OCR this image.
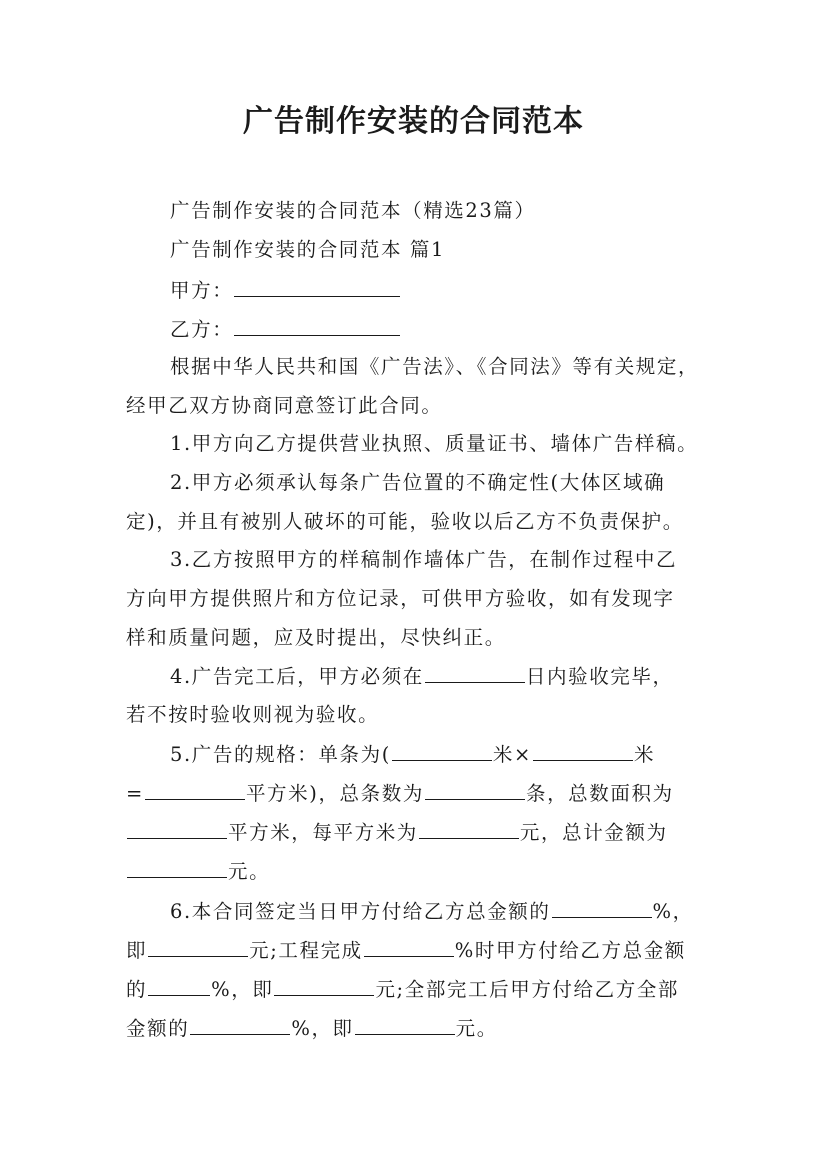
广告制作安装的合同范本

广告制作安装的合同范本（精选23篇）

广告制作安装的合同范本 篇1

甲方：

乙方：

根据中华人民共和国《广告法》、《合同法》等有关规定，

经甲乙双方协商同意签订此合同。

1.甲方向乙方提供营业执照、质量证书、墙体广告样稿。

2.甲方必须承认每条广告位置的不确定性(大体区域确

定)，并且有被别人破坏的可能，验收以后乙方不负责保护。

3.乙方按照甲方的样稿制作墙体广告，在制作过程中乙

方向甲方提供照片和方位记录，可供甲方验收，如有发现字

样和质量问题，应及时提出，尽快纠正。

4.广告完工后，甲方必须在	日内验收完毕，

若不按时验收则视为验收。

5.广告的规格：单条为(	米×	米

=	平方米)，总条数为	条，总数面积为

平方米，每平方米为	元，总计金额为

元。

6.本合同签定当日甲方付给乙方总金额的	%，

即	元;工程完成	%时甲方付给乙方总金额

的	%，即	元;全部完工后甲方付给乙方全部

金额的	%，即	元。
